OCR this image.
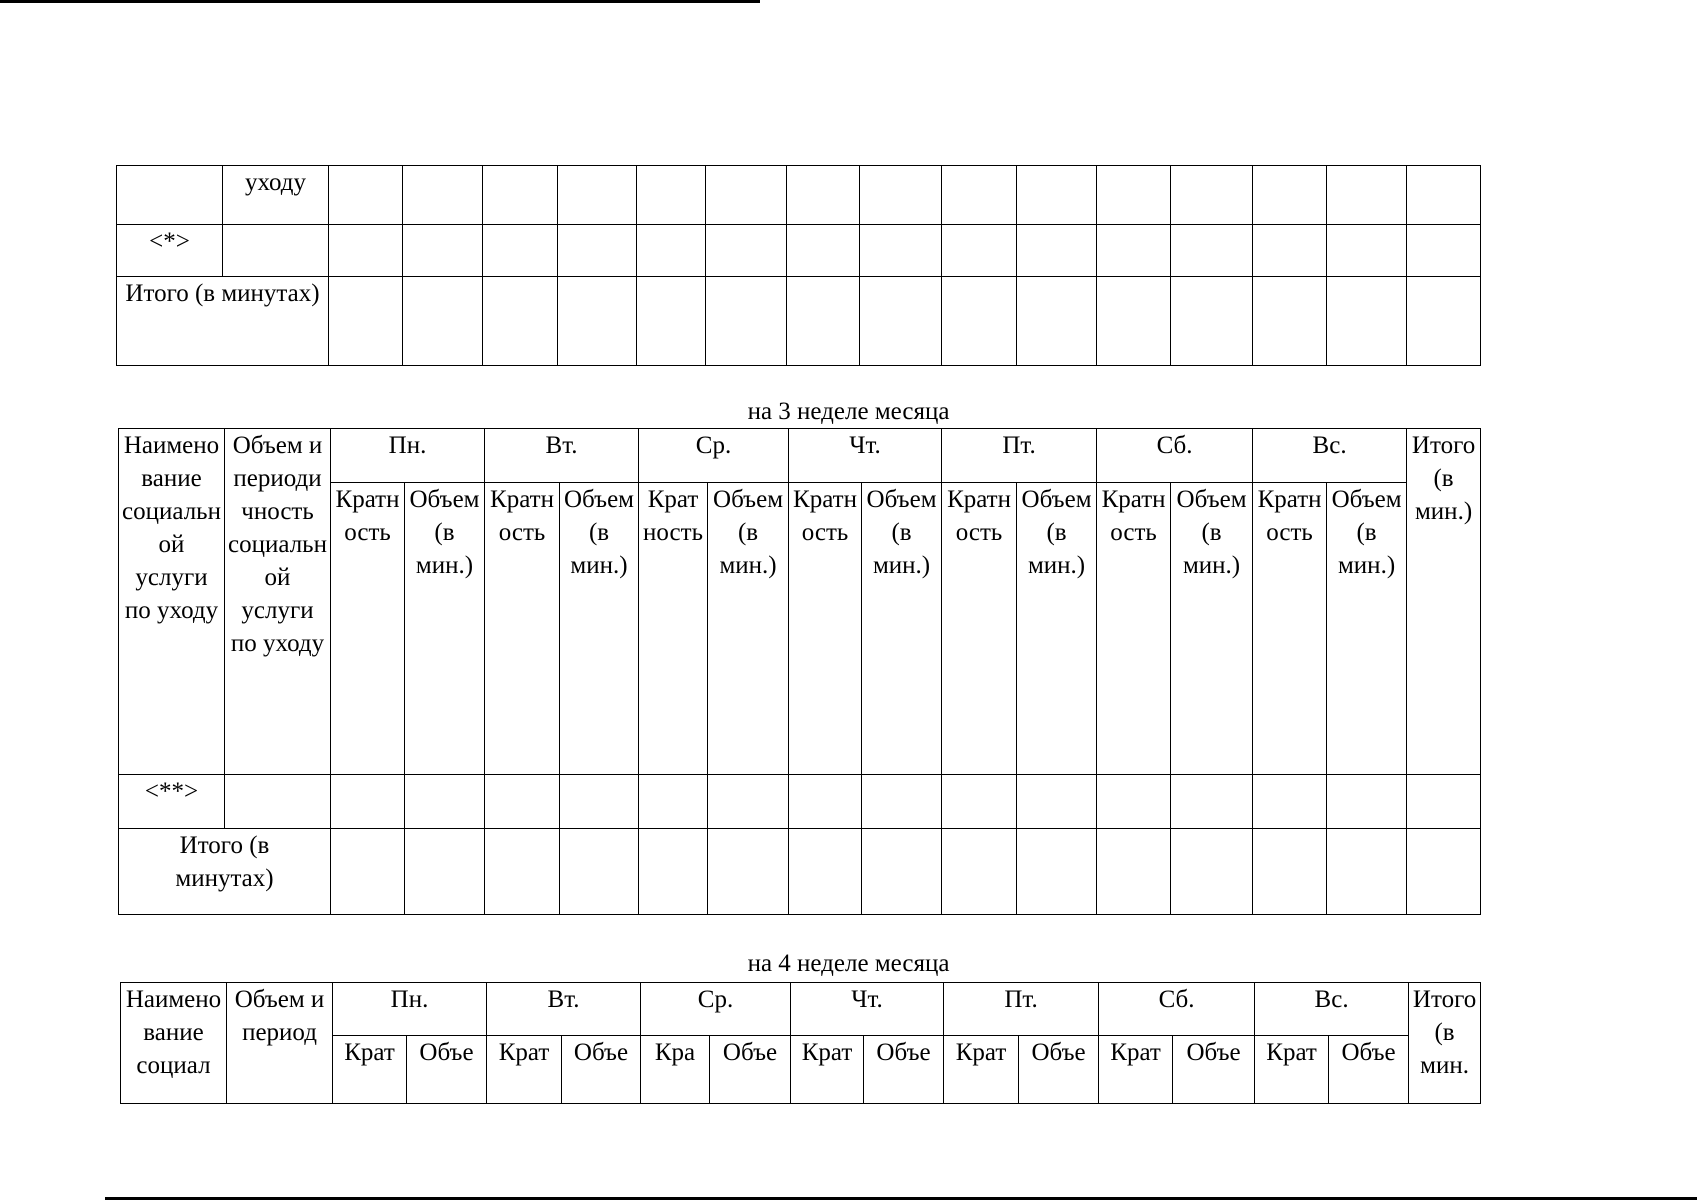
	уходу															
<*>																
Итого (в минутах)																
на 3 неделе месяца
Наименование социальной услуги по уходу	Объем и периодичность социальной услуги по уходу	Пн.		Вт.		Ср.		Чт.		Пт.		Сб.		Вс.		Итого (в мин.)
		Кратность	Объем (в мин.)	Кратность	Объем (в мин.)	Кратность	Объем (в мин.)	Кратность	Объем (в мин.)	Кратность	Объем (в мин.)	Кратность	Объем (в мин.)	Кратность	Объем (в мин.)	
<**>																
Итого (в минутах)																
на 4 неделе месяца
Наименование социал	Объем и период	Пн.		Вт.		Ср.		Чт.		Пт.		Сб.		Вс.		Итого (в мин.
		Крат	Объе	Крат	Объе	Кра	Объе	Крат	Объе	Крат	Объе	Крат	Объе	Крат	Объе	
